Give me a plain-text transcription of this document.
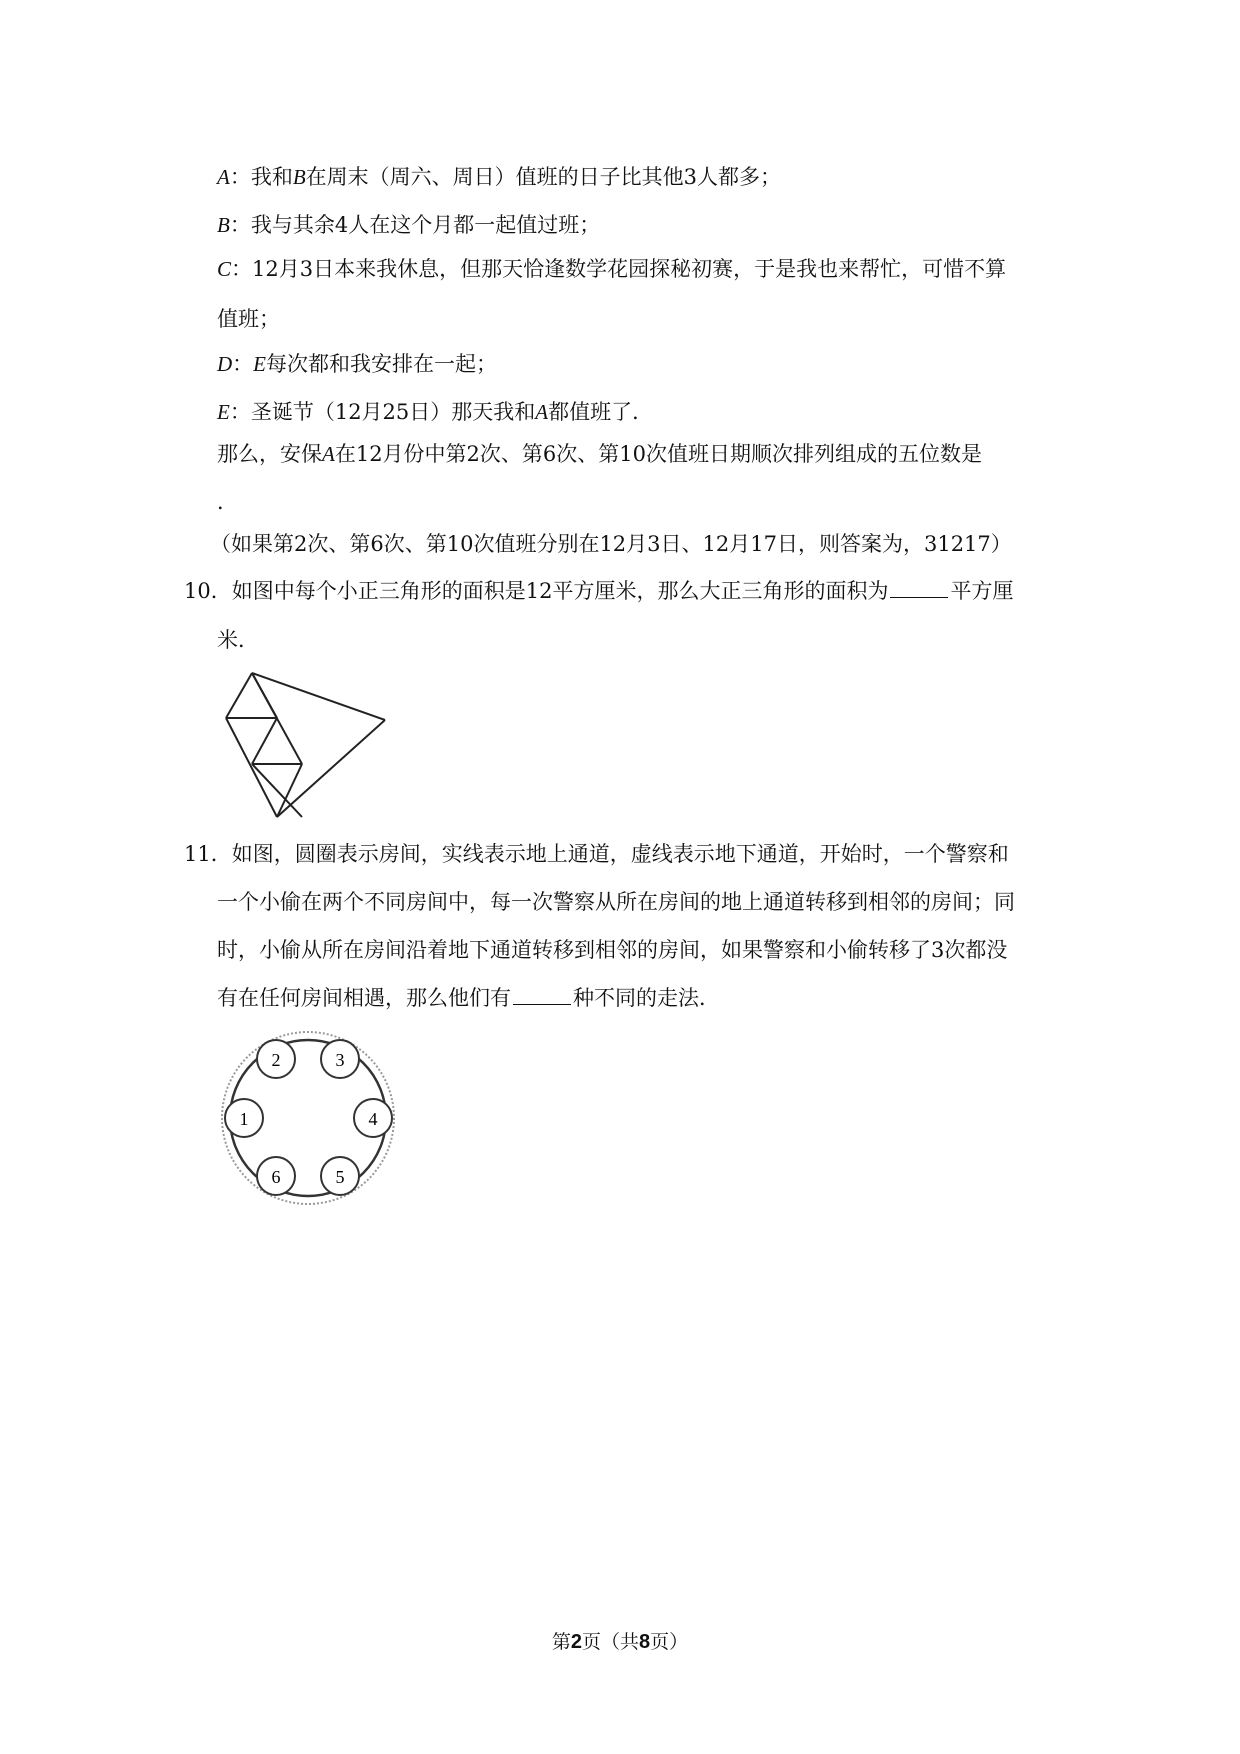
A：我和B在周末（周六、周日）值班的日子比其他3人都多；
B：我与其余4人在这个月都一起值过班；
C：12月3日本来我休息，但那天恰逢数学花园探秘初赛，于是我也来帮忙，可惜不算
值班；
D：E每次都和我安排在一起；
E：圣诞节（12月25日）那天我和A都值班了．
那么，安保A在12月份中第2次、第6次、第10次值班日期顺次排列组成的五位数是
．
（如果第2次、第6次、第10次值班分别在12月3日、12月17日，则答案为，31217）
10．如图中每个小正三角形的面积是12平方厘米，那么大正三角形的面积为	平方厘
米．
11．如图，圆圈表示房间，实线表示地上通道，虚线表示地下通道，开始时，一个警察和
一个小偷在两个不同房间中，每一次警察从所在房间的地上通道转移到相邻的房间；同
时，小偷从所在房间沿着地下通道转移到相邻的房间，如果警察和小偷转移了3次都没
有在任何房间相遇，那么他们有	种不同的走法．
2	3
1	4
6	5
第2页（共8页）
